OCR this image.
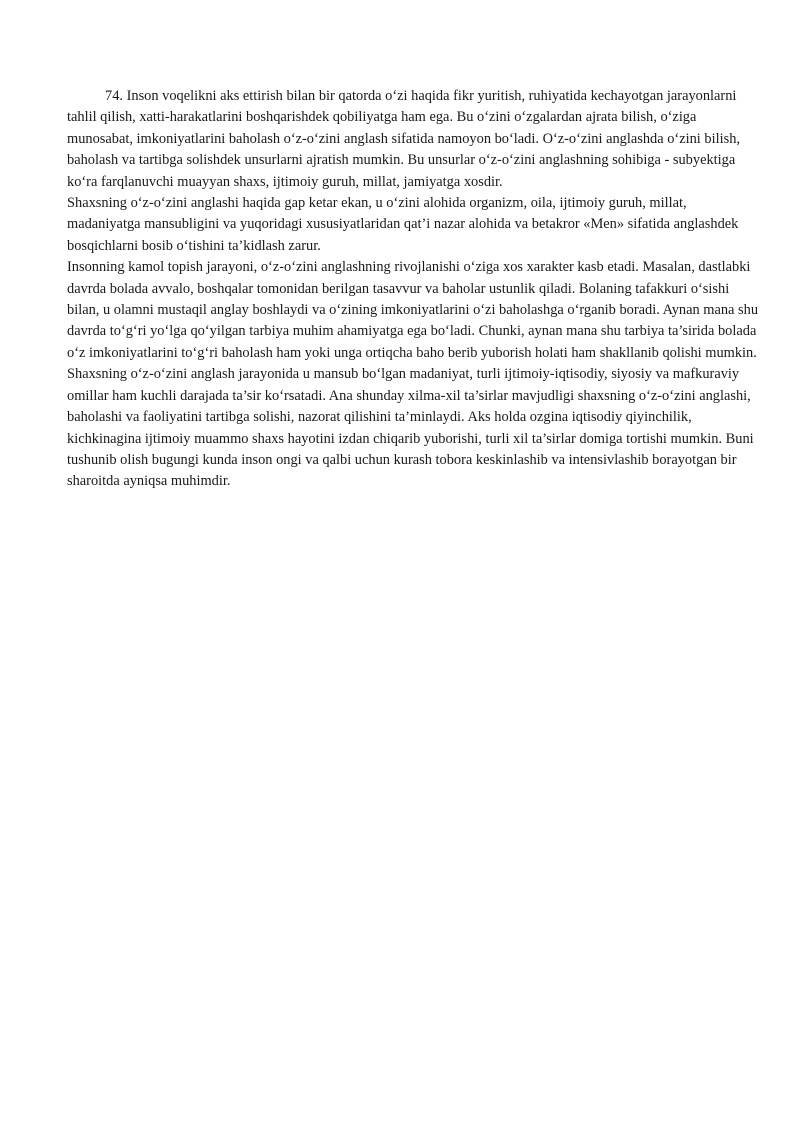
74. Inson voqelikni aks ettirish bilan bir qatorda o‘zi haqida fikr yuritish, ruhiyatida kechayotgan jarayonlarni tahlil qilish, xatti-harakatlarini boshqarishdek qobiliyatga ham ega. Bu o‘zini o‘zgalardan ajrata bilish, o‘ziga munosabat, imkoniyatlarini baholash o‘z-o‘zini anglash sifatida namoyon bo‘ladi. O‘z-o‘zini anglashda o‘zini bilish, baholash va tartibga solishdek unsurlarni ajratish mumkin. Bu unsurlar o‘z-o‘zini anglashning sohibiga - subyektiga ko‘ra farqlanuvchi muayyan shaxs, ijtimoiy guruh, millat, jamiyatga xosdir.

Shaxsning o‘z-o‘zini anglashi haqida gap ketar ekan, u o‘zini alohida organizm, oila, ijtimoiy guruh, millat, madaniyatga mansubligini va yuqoridagi xususiyatlaridan qat’i nazar alohida va betakror «Men» sifatida anglashdek bosqichlarni bosib o‘tishini ta’kidlash zarur.

Insonning kamol topish jarayoni, o‘z-o‘zini anglashning rivojlanishi o‘ziga xos xarakter kasb etadi. Masalan, dastlabki davrda bolada avvalo, boshqalar tomonidan berilgan tasavvur va baholar ustunlik qiladi. Bolaning tafakkuri o‘sishi bilan, u olamni mustaqil anglay boshlaydi va o‘zining imkoniyatlarini o‘zi baholashga o‘rganib boradi. Aynan mana shu davrda to‘g‘ri yo‘lga qo‘yilgan tarbiya muhim ahamiyatga ega bo‘ladi. Chunki, aynan mana shu tarbiya ta’sirida bolada o‘z imkoniyatlarini to‘g‘ri baholash ham yoki unga ortiqcha baho berib yuborish holati ham shakllanib qolishi mumkin.

Shaxsning o‘z-o‘zini anglash jarayonida u mansub bo‘lgan madaniyat, turli ijtimoiy-iqtisodiy, siyosiy va mafkuraviy omillar ham kuchli darajada ta’sir ko‘rsatadi. Ana shunday xilma-xil ta’sirlar mavjudligi shaxsning o‘z-o‘zini anglashi, baholashi va faoliyatini tartibga solishi, nazorat qilishini ta’minlaydi. Aks holda ozgina iqtisodiy qiyinchilik, kichkinagina ijtimoiy muammo shaxs hayotini izdan chiqarib yuborishi, turli xil ta’sirlar domiga tortishi mumkin. Buni tushunib olish bugungi kunda inson ongi va qalbi uchun kurash tobora keskinlashib va intensivlashib borayotgan bir sharoitda ayniqsa muhimdir.
